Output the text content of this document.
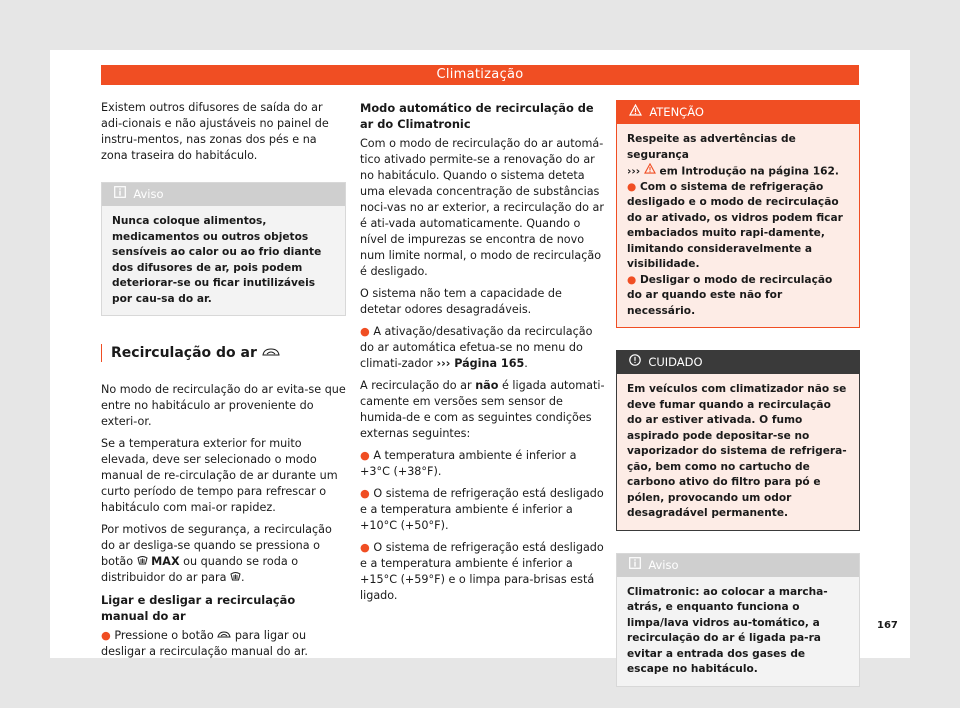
Climatização

Existem outros difusores de saída do ar adi-cionais e não ajustáveis no painel de instru-mentos, nas zonas dos pés e na zona traseira do habitáculo.

Aviso
Nunca coloque alimentos, medicamentos ou outros objetos sensíveis ao calor ou ao frio diante dos difusores de ar, pois podem deteriorar-se ou ficar inutilizáveis por cau-sa do ar.
Recirculação do ar

No modo de recirculação do ar evita-se que entre no habitáculo ar proveniente do exteri-or.

Se a temperatura exterior for muito elevada, deve ser selecionado o modo manual de re-circulação de ar durante um curto período de tempo para refrescar o habitáculo com mai-or rapidez.

Por motivos de segurança, a recirculação do ar desliga-se quando se pressiona o botão MAX ou quando se roda o distribuidor do ar para .

Ligar e desligar a recirculação manual do ar

● Pressione o botão para ligar ou desligar a recirculação manual do ar.

Modo automático de recirculação de ar do Climatronic

Com o modo de recirculação do ar automá-tico ativado permite-se a renovação do ar no habitáculo. Quando o sistema deteta uma elevada concentração de substâncias noci-vas no ar exterior, a recirculação do ar é ati-vada automaticamente. Quando o nível de impurezas se encontra de novo num limite normal, o modo de recirculação é desligado.

O sistema não tem a capacidade de detetar odores desagradáveis.

● A ativação/desativação da recirculação do ar automática efetua-se no menu do climati-zador ››› Página 165.

A recirculação do ar não é ligada automati-camente em versões sem sensor de humida-de e com as seguintes condições externas seguintes:

● A temperatura ambiente é inferior a +3°C (+38°F).

● O sistema de refrigeração está desligado e a temperatura ambiente é inferior a +10°C (+50°F).

● O sistema de refrigeração está desligado e a temperatura ambiente é inferior a +15°C (+59°F) e o limpa para-brisas está ligado.

ATENÇÃO
Respeite as advertências de segurança
››› em Introdução na página 162.
● Com o sistema de refrigeração desligado e o modo de recirculação do ar ativado, os vidros podem ficar embaciados muito rapi-damente, limitando consideravelmente a visibilidade.
● Desligar o modo de recirculação do ar quando este não for necessário.
CUIDADO
Em veículos com climatizador não se deve fumar quando a recirculação do ar estiver ativada. O fumo aspirado pode depositar-se no vaporizador do sistema de refrigera-ção, bem como no cartucho de carbono ativo do filtro para pó e pólen, provocando um odor desagradável permanente.
Aviso
Climatronic: ao colocar a marcha-atrás, e enquanto funciona o limpa/lava vidros au-tomático, a recirculação do ar é ligada pa-ra evitar a entrada dos gases de escape no habitáculo.
167
